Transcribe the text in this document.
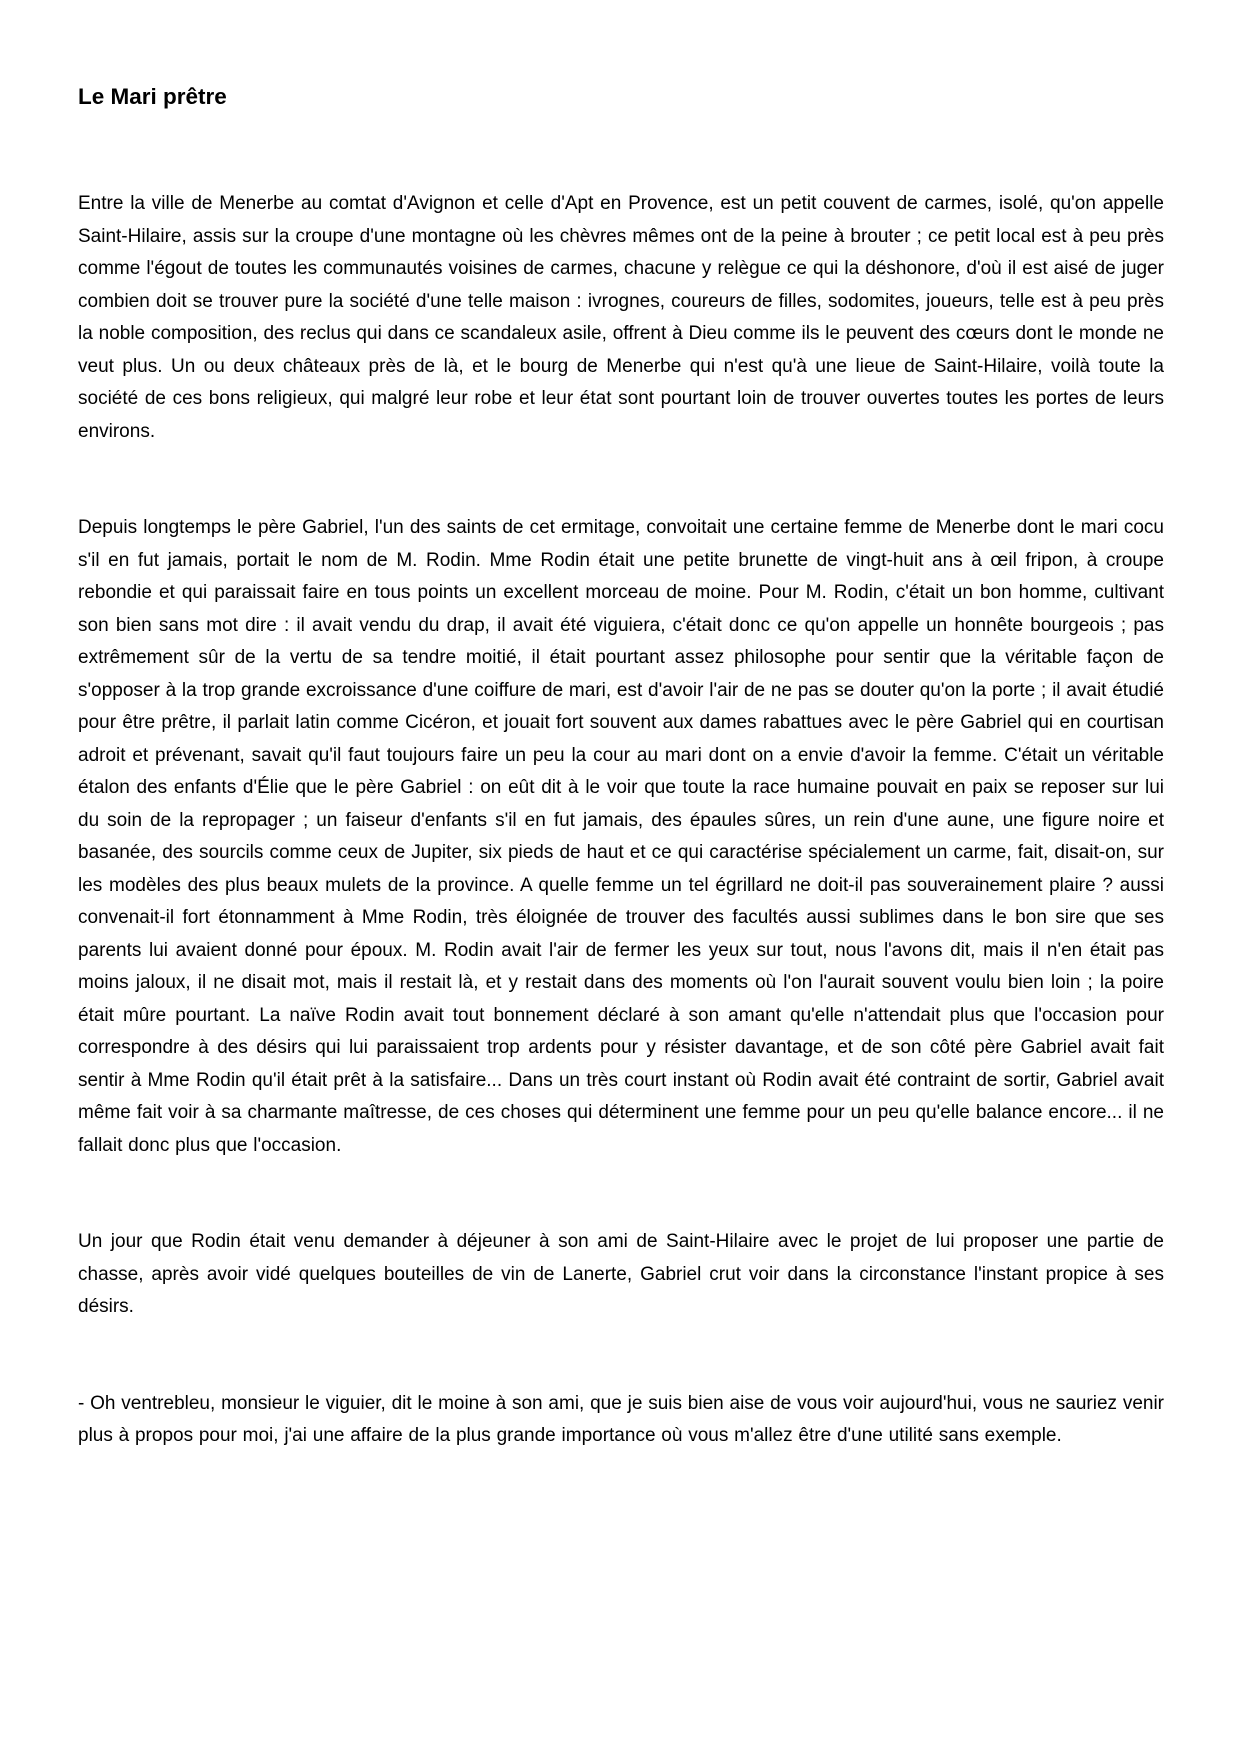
Le Mari prêtre

Entre la ville de Menerbe au comtat d'Avignon et celle d'Apt en Provence, est un petit couvent de carmes, isolé, qu'on appelle Saint-Hilaire, assis sur la croupe d'une montagne où les chèvres mêmes ont de la peine à brouter ; ce petit local est à peu près comme l'égout de toutes les communautés voisines de carmes, chacune y relègue ce qui la déshonore, d'où il est aisé de juger combien doit se trouver pure la société d'une telle maison : ivrognes, coureurs de filles, sodomites, joueurs, telle est à peu près la noble composition, des reclus qui dans ce scandaleux asile, offrent à Dieu comme ils le peuvent des cœurs dont le monde ne veut plus. Un ou deux châteaux près de là, et le bourg de Menerbe qui n'est qu'à une lieue de Saint-Hilaire, voilà toute la société de ces bons religieux, qui malgré leur robe et leur état sont pourtant loin de trouver ouvertes toutes les portes de leurs environs.

Depuis longtemps le père Gabriel, l'un des saints de cet ermitage, convoitait une certaine femme de Menerbe dont le mari cocu s'il en fut jamais, portait le nom de M. Rodin. Mme Rodin était une petite brunette de vingt-huit ans à œil fripon, à croupe rebondie et qui paraissait faire en tous points un excellent morceau de moine. Pour M. Rodin, c'était un bon homme, cultivant son bien sans mot dire : il avait vendu du drap, il avait été viguiera, c'était donc ce qu'on appelle un honnête bourgeois ; pas extrêmement sûr de la vertu de sa tendre moitié, il était pourtant assez philosophe pour sentir que la véritable façon de s'opposer à la trop grande excroissance d'une coiffure de mari, est d'avoir l'air de ne pas se douter qu'on la porte ; il avait étudié pour être prêtre, il parlait latin comme Cicéron, et jouait fort souvent aux dames rabattues avec le père Gabriel qui en courtisan adroit et prévenant, savait qu'il faut toujours faire un peu la cour au mari dont on a envie d'avoir la femme. C'était un véritable étalon des enfants d'Élie que le père Gabriel : on eût dit à le voir que toute la race humaine pouvait en paix se reposer sur lui du soin de la repropager ; un faiseur d'enfants s'il en fut jamais, des épaules sûres, un rein d'une aune, une figure noire et basanée, des sourcils comme ceux de Jupiter, six pieds de haut et ce qui caractérise spécialement un carme, fait, disait-on, sur les modèles des plus beaux mulets de la province. A quelle femme un tel égrillard ne doit-il pas souverainement plaire ? aussi convenait-il fort étonnamment à Mme Rodin, très éloignée de trouver des facultés aussi sublimes dans le bon sire que ses parents lui avaient donné pour époux. M. Rodin avait l'air de fermer les yeux sur tout, nous l'avons dit, mais il n'en était pas moins jaloux, il ne disait mot, mais il restait là, et y restait dans des moments où l'on l'aurait souvent voulu bien loin ; la poire était mûre pourtant. La naïve Rodin avait tout bonnement déclaré à son amant qu'elle n'attendait plus que l'occasion pour correspondre à des désirs qui lui paraissaient trop ardents pour y résister davantage, et de son côté père Gabriel avait fait sentir à Mme Rodin qu'il était prêt à la satisfaire... Dans un très court instant où Rodin avait été contraint de sortir, Gabriel avait même fait voir à sa charmante maîtresse, de ces choses qui déterminent une femme pour un peu qu'elle balance encore... il ne fallait donc plus que l'occasion.

Un jour que Rodin était venu demander à déjeuner à son ami de Saint-Hilaire avec le projet de lui proposer une partie de chasse, après avoir vidé quelques bouteilles de vin de Lanerte, Gabriel crut voir dans la circonstance l'instant propice à ses désirs.

- Oh ventrebleu, monsieur le viguier, dit le moine à son ami, que je suis bien aise de vous voir aujourd'hui, vous ne sauriez venir plus à propos pour moi, j'ai une affaire de la plus grande importance où vous m'allez être d'une utilité sans exemple.
